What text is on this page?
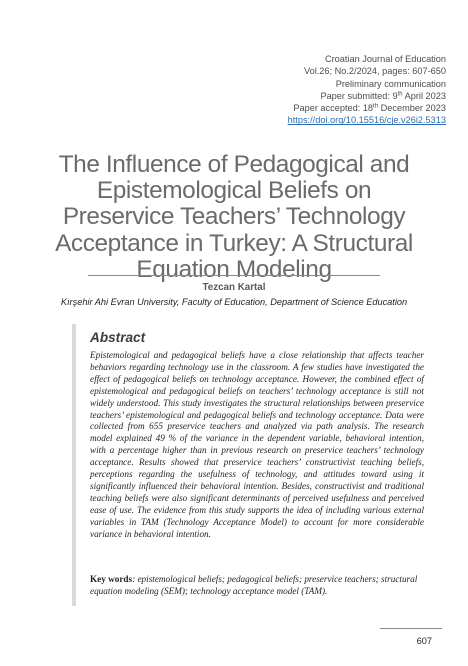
Croatian Journal of Education
Vol.26; No.2/2024, pages: 607-650
Preliminary communication
Paper submitted: 9th April 2023
Paper accepted: 18th December 2023
https://doi.org/10.15516/cje.v26i2.5313
The Influence of Pedagogical and Epistemological Beliefs on Preservice Teachers’ Technology Acceptance in Turkey: A Structural Equation Modeling
Tezcan Kartal
Kırşehir Ahi Evran University, Faculty of Education, Department of Science Education
Abstract

Epistemological and pedagogical beliefs have a close relationship that affects teacher behaviors regarding technology use in the classroom. A few studies have investigated the effect of pedagogical beliefs on technology acceptance. However, the combined effect of epistemological and pedagogical beliefs on teachers’ technology acceptance is still not widely understood. This study investigates the structural relationships between preservice teachers’ epistemological and pedagogical beliefs and technology acceptance. Data were collected from 655 preservice teachers and analyzed via path analysis. The research model explained 49 % of the variance in the dependent variable, behavioral intention, with a percentage higher than in previous research on preservice teachers’ technology acceptance. Results showed that preservice teachers’ constructivist teaching beliefs, perceptions regarding the usefulness of technology, and attitudes toward using it significantly influenced their behavioral intention. Besides, constructivist and traditional teaching beliefs were also significant determinants of perceived usefulness and perceived ease of use. The evidence from this study supports the idea of including various external variables in TAM (Technology Acceptance Model) to account for more considerable variance in behavioral intention.

Key words: epistemological beliefs; pedagogical beliefs; preservice teachers; structural equation modeling (SEM); technology acceptance model (TAM).

607
